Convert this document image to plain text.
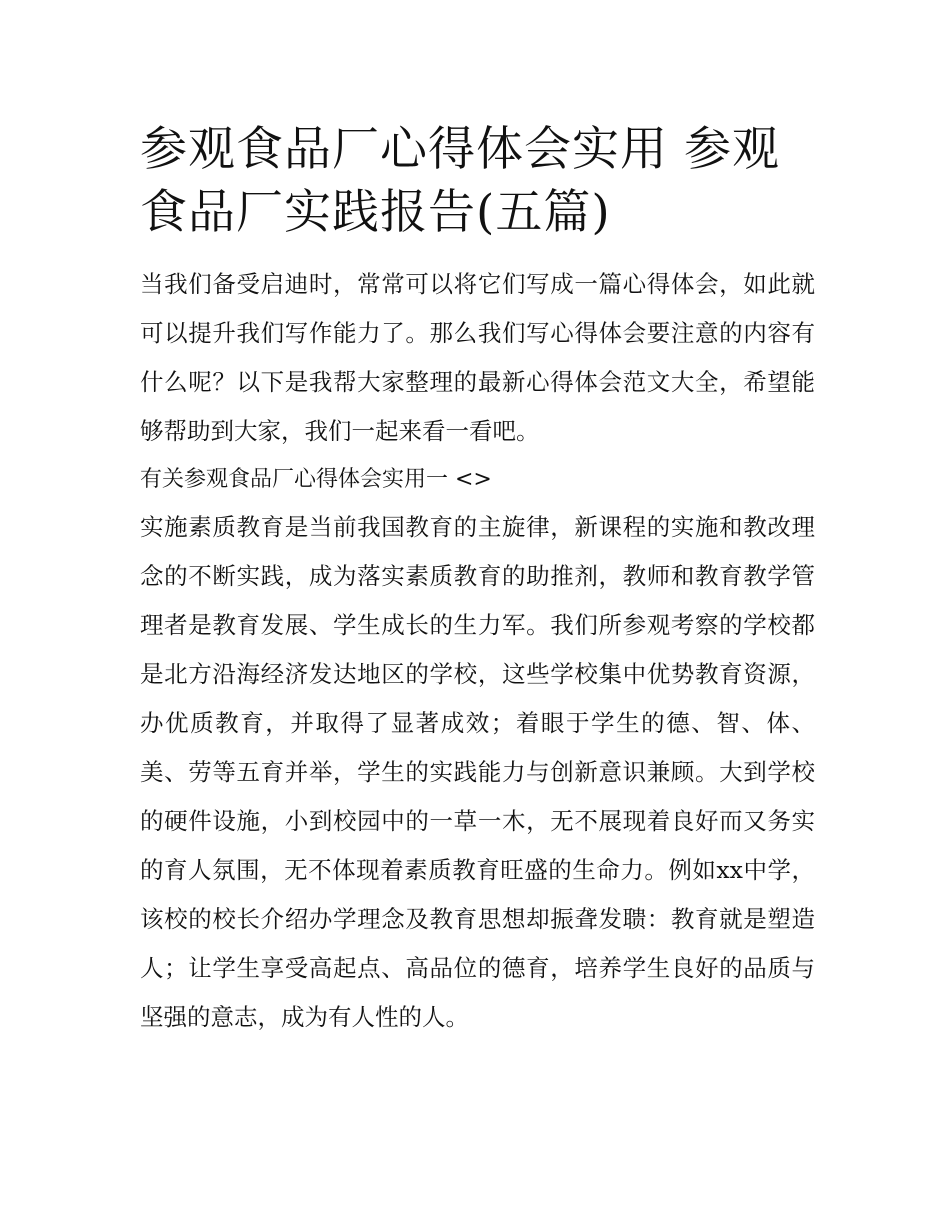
参观食品厂心得体会实用 参观食品厂实践报告(五篇)

当我们备受启迪时，常常可以将它们写成一篇心得体会，如此就可以提升我们写作能力了。那么我们写心得体会要注意的内容有什么呢？以下是我帮大家整理的最新心得体会范文大全，希望能够帮助到大家，我们一起来看一看吧。

有关参观食品厂心得体会实用一 <>

实施素质教育是当前我国教育的主旋律，新课程的实施和教改理念的不断实践，成为落实素质教育的助推剂，教师和教育教学管理者是教育发展、学生成长的生力军。我们所参观考察的学校都是北方沿海经济发达地区的学校，这些学校集中优势教育资源，办优质教育，并取得了显著成效；着眼于学生的德、智、体、美、劳等五育并举，学生的实践能力与创新意识兼顾。大到学校的硬件设施，小到校园中的一草一木，无不展现着良好而又务实的育人氛围，无不体现着素质教育旺盛的生命力。例如xx中学，该校的校长介绍办学理念及教育思想却振聋发聩：教育就是塑造人；让学生享受高起点、高品位的德育，培养学生良好的品质与坚强的意志，成为有人性的人。
